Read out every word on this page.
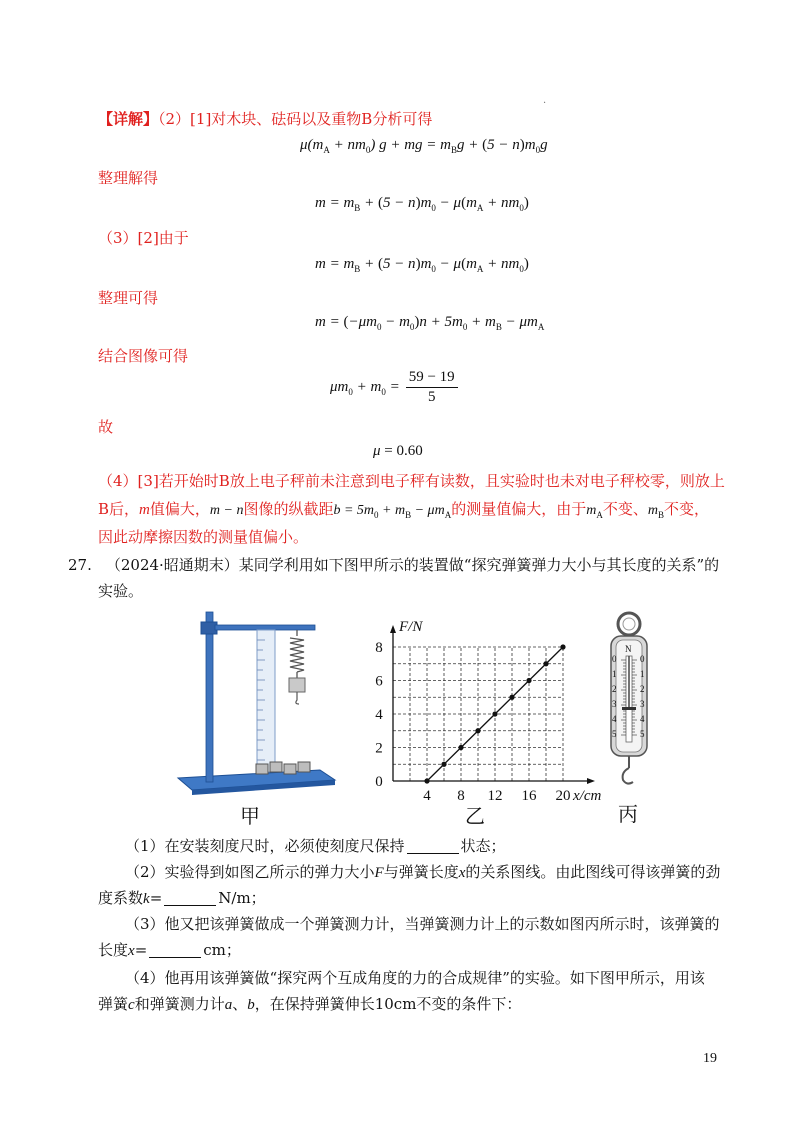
·
【详解】（2）[1]对木块、砝码以及重物B分析可得
$\mu(m_A + nm_0) g$ + mg = $m_Bg + (5 - n)m_0g$
整理解得
$m = m_B + (5 - n)m_0 - \mu(m_A + nm_0)$
（3）[2]由于
$m = m_B + (5 - n)m_0 - \mu(m_A + nm_0)$
整理可得
$m = (-\mu m_0 - m_0)n + 5m_0 + m_B - \mu m_A$
结合图像可得
$\mu m_0 + m_0 = \frac{59 - 19}{5}$
故
μ = 0.60
（4）[3]若开始时B放上电子秤前未注意到电子秤有读数，且实验时也未对电子秤校零，则放上
B后，m值偏大，m − n图像的纵截距$b = 5m_0 + m_B - \mu m_A$的测量值偏大，由于$m_A$不变、$m_B$不变，
因此动摩擦因数的测量值偏小。
27. （2024·昭通期末）某同学利用如下图甲所示的装置做“探究弹簧弹力大小与其长度的关系”的
实验。
甲
4 8 12 16 20
0
2
4
6
8
F/N
x/cm
乙
N
0
1
2
3
4
5
0
1
2
3
4
5
丙
（1）在安装刻度尺时，必须使刻度尺保持	状态；
（2）实验得到如图乙所示的弹力大小F与弹簧长度x的关系图线。由此图线可得该弹簧的劲
度系数k=	N/m；
（3）他又把该弹簧做成一个弹簧测力计，当弹簧测力计上的示数如图丙所示时，该弹簧的
长度x=	cm；
（4）他再用该弹簧做“探究两个互成角度的力的合成规律”的实验。如下图甲所示，用该
弹簧c和弹簧测力计a、b，在保持弹簧伸长10cm不变的条件下：
19
